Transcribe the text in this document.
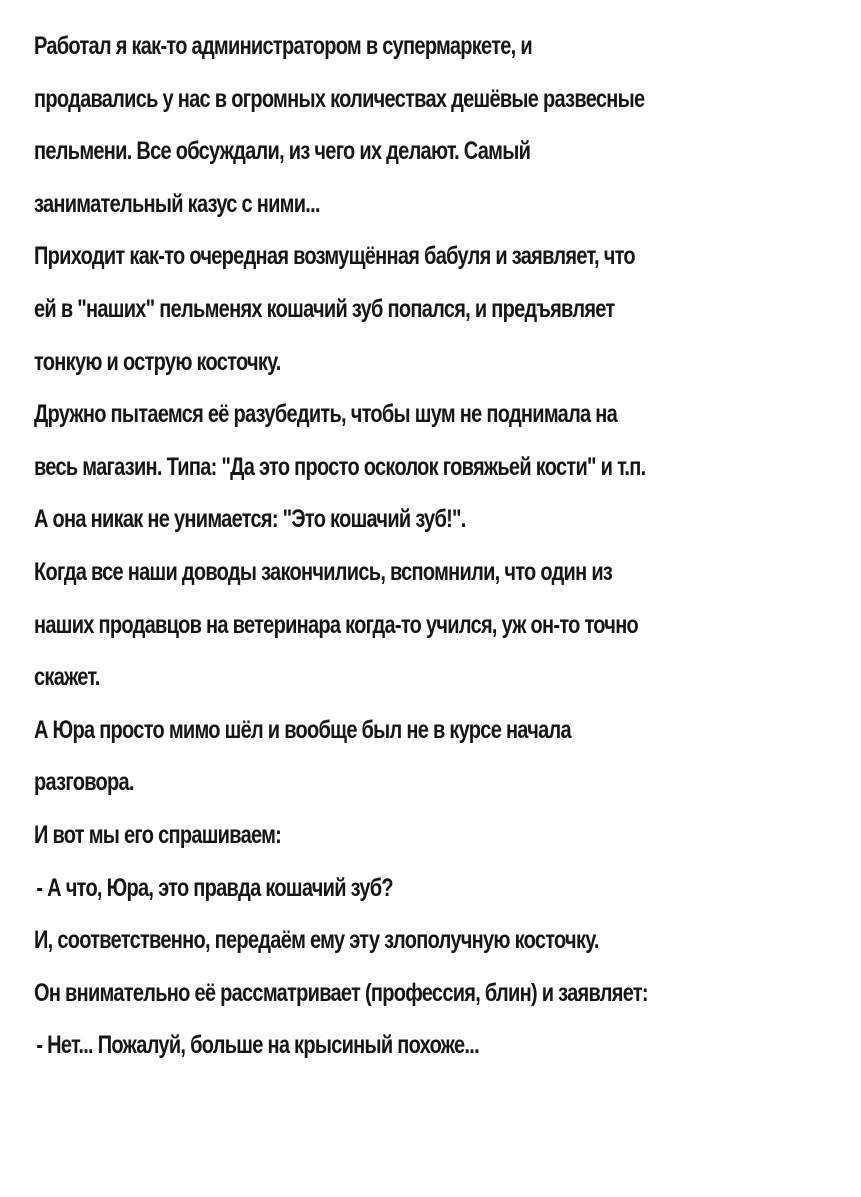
Работал я как-то администратором в супермаркете, и
продавались у нас в огромных количествах дешёвые развесные
пельмени. Все обсуждали, из чего их делают. Самый
занимательный казус с ними...
Приходит как-то очередная возмущённая бабуля и заявляет, что
ей в "наших" пельменях кошачий зуб попался, и предъявляет
тонкую и острую косточку.
Дружно пытаемся её разубедить, чтобы шум не поднимала на
весь магазин. Типа: "Да это просто осколок говяжьей кости" и т.п.
А она никак не унимается: "Это кошачий зуб!".
Когда все наши доводы закончились, вспомнили, что один из
наших продавцов на ветеринара когда-то учился, уж он-то точно
скажет.
А Юра просто мимо шёл и вообще был не в курсе начала
разговора.
И вот мы его спрашиваем:
- А что, Юра, это правда кошачий зуб?
И, соответственно, передаём ему эту злополучную косточку.
Он внимательно её рассматривает (профессия, блин) и заявляет:
- Нет... Пожалуй, больше на крысиный похоже...
